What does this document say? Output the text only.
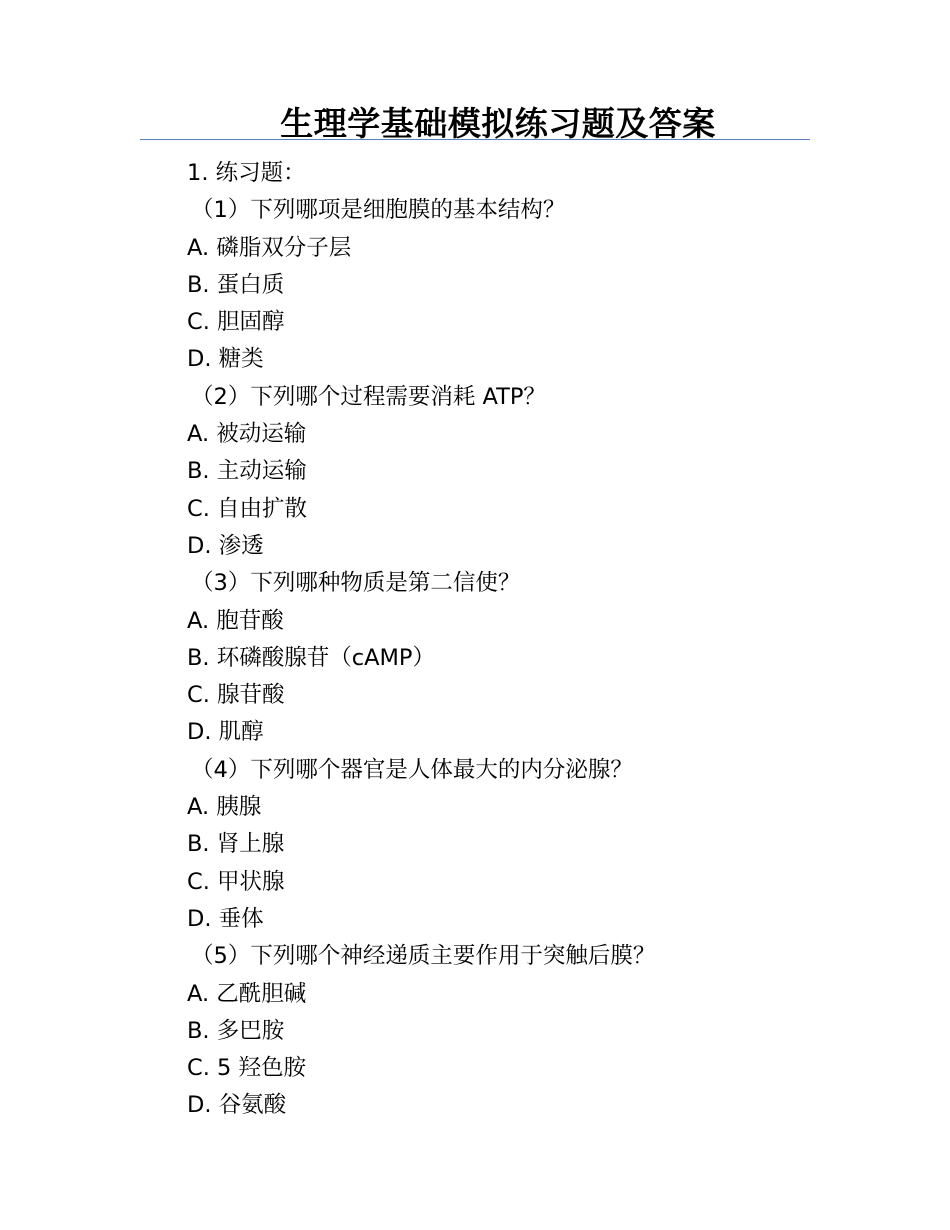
生理学基础模拟练习题及答案
1. 练习题：
（1）下列哪项是细胞膜的基本结构？
A. 磷脂双分子层
B. 蛋白质
C. 胆固醇
D. 糖类
（2）下列哪个过程需要消耗 ATP？
A. 被动运输
B. 主动运输
C. 自由扩散
D. 渗透
（3）下列哪种物质是第二信使？
A. 胞苷酸
B. 环磷酸腺苷（cAMP）
C. 腺苷酸
D. 肌醇
（4）下列哪个器官是人体最大的内分泌腺？
A. 胰腺
B. 肾上腺
C. 甲状腺
D. 垂体
（5）下列哪个神经递质主要作用于突触后膜？
A. 乙酰胆碱
B. 多巴胺
C. 5 羟色胺
D. 谷氨酸
